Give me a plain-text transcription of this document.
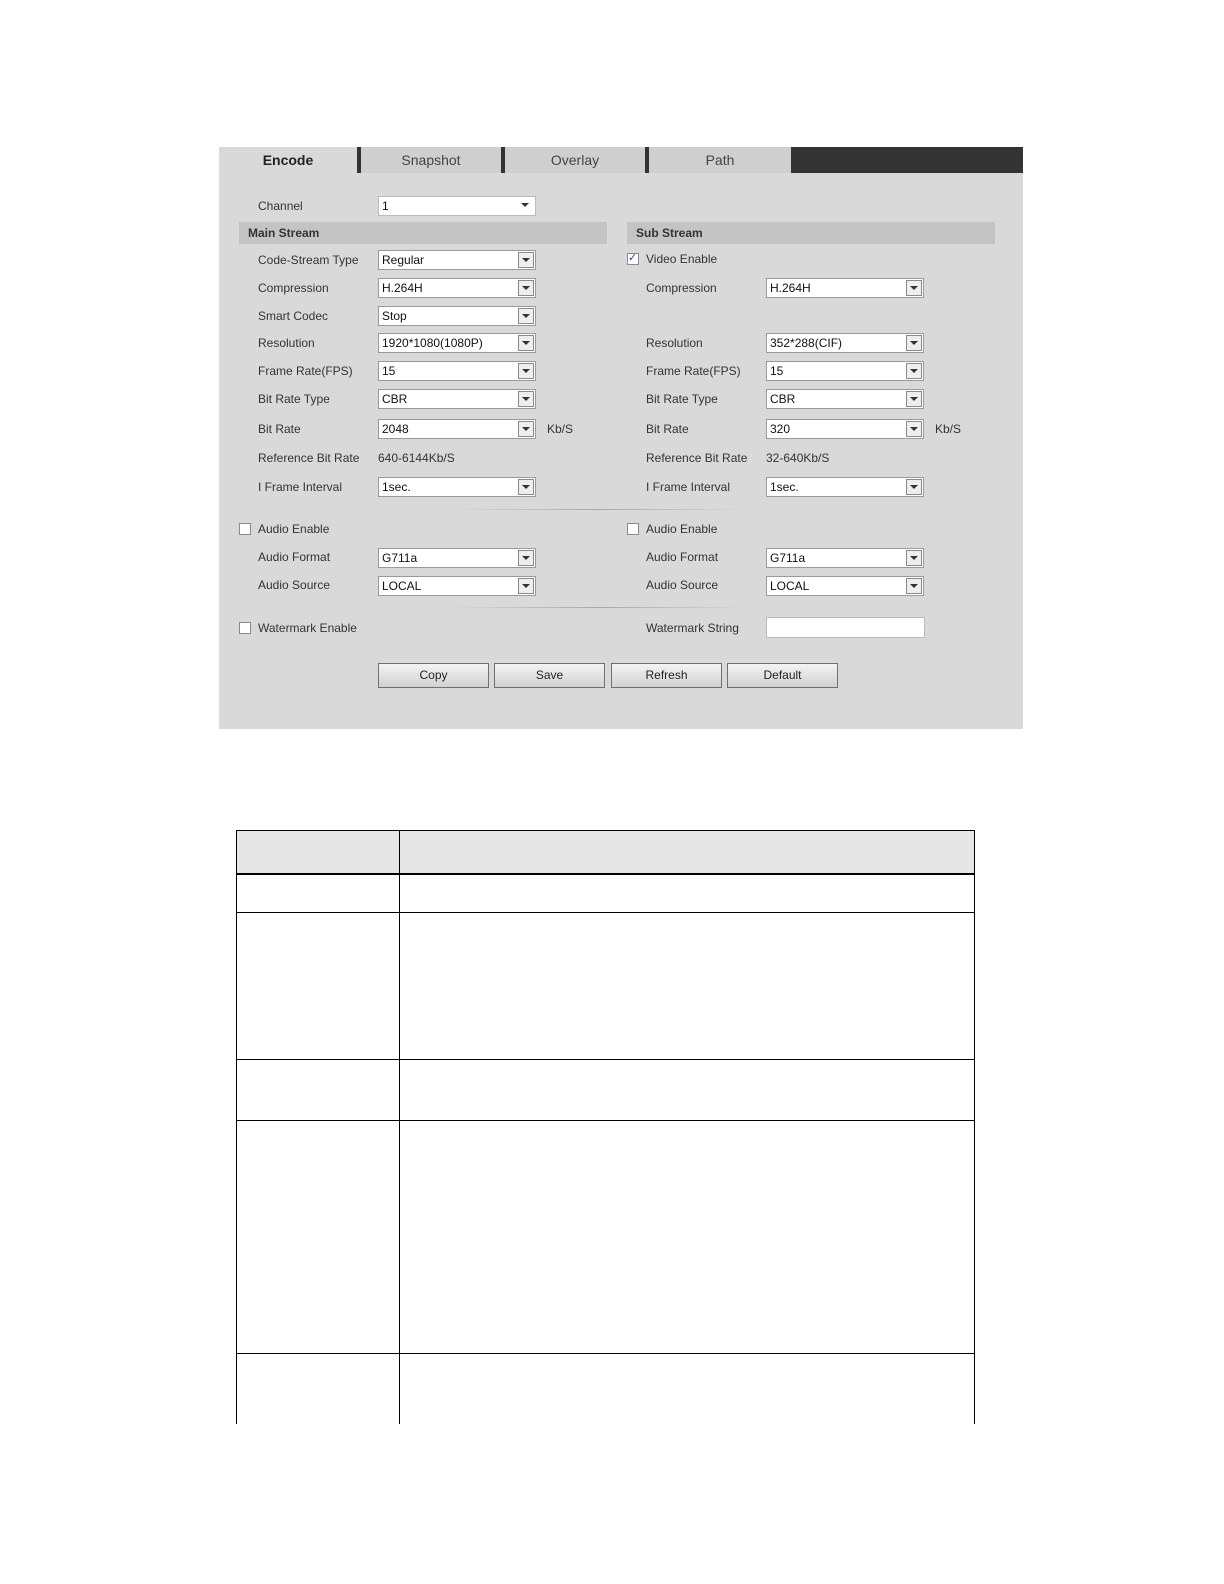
Encode	Snapshot	Overlay	Path
Channel	1
Main Stream	Sub Stream
Code-Stream Type Regular
Compression	H.264H
Smart Codec	Stop
Resolution	1920*1080(1080P)
Frame Rate(FPS) 15
Bit Rate Type	CBR
Bit Rate	2048	Kb/S
Reference Bit Rate 640-6144Kb/S
I Frame Interval	1sec.
✓ Video Enable
Compression	H.264H
Resolution	352*288(CIF)
Frame Rate(FPS) 15
Bit Rate Type	CBR
Bit Rate	320	Kb/S
Reference Bit Rate 32-640Kb/S
I Frame Interval	1sec.
Audio Enable	Audio Enable
Audio Format	G711a	Audio Format	G711a
Audio Source	LOCAL	Audio Source	LOCAL
Watermark Enable	Watermark String
Copy	Save	Refresh	Default
